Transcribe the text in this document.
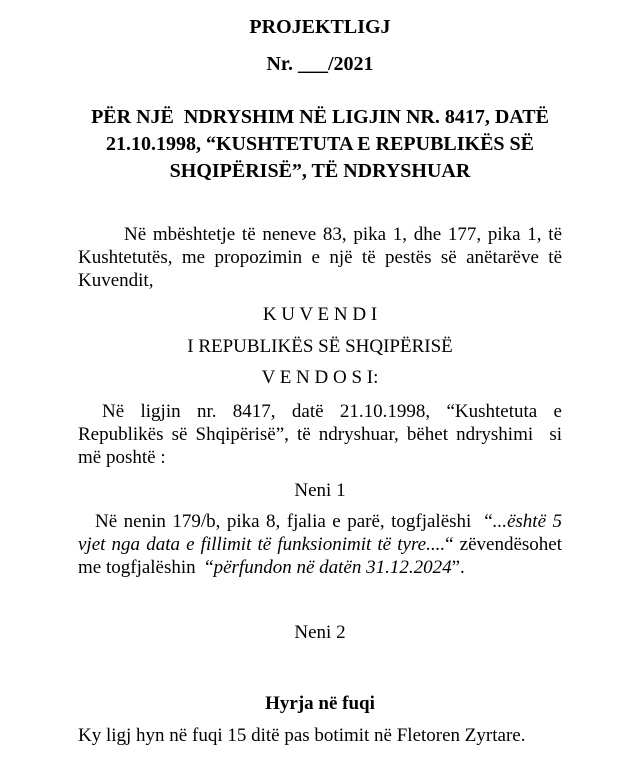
PROJEKTLIGJ

Nr. ___/2021

PËR NJË  NDRYSHIM NË LIGJIN NR. 8417, DATË 21.10.1998, “KUSHTETUTA E REPUBLIKËS SË SHQIPËRISË”, TË NDRYSHUAR

Në mbështetje të neneve 83, pika 1, dhe 177, pika 1, të Kushtetutës, me propozimin e një të pestës së anëtarëve të Kuvendit,

K U V E N D I

I REPUBLIKËS SË SHQIPËRISË

V E N D O S I:

Në ligjin nr. 8417, datë 21.10.1998, “Kushtetuta e Republikës së Shqipërisë”, të ndryshuar, bëhet ndryshimi  si më poshtë :

Neni 1

Në nenin 179/b, pika 8, fjalia e parë, togfjalëshi  “...është 5 vjet nga data e fillimit të funksionimit të tyre....“ zëvendësohet me togfjalëshin  “përfundon në datën 31.12.2024”.

Neni 2

Hyrja në fuqi

Ky ligj hyn në fuqi 15 ditë pas botimit në Fletoren Zyrtare.
